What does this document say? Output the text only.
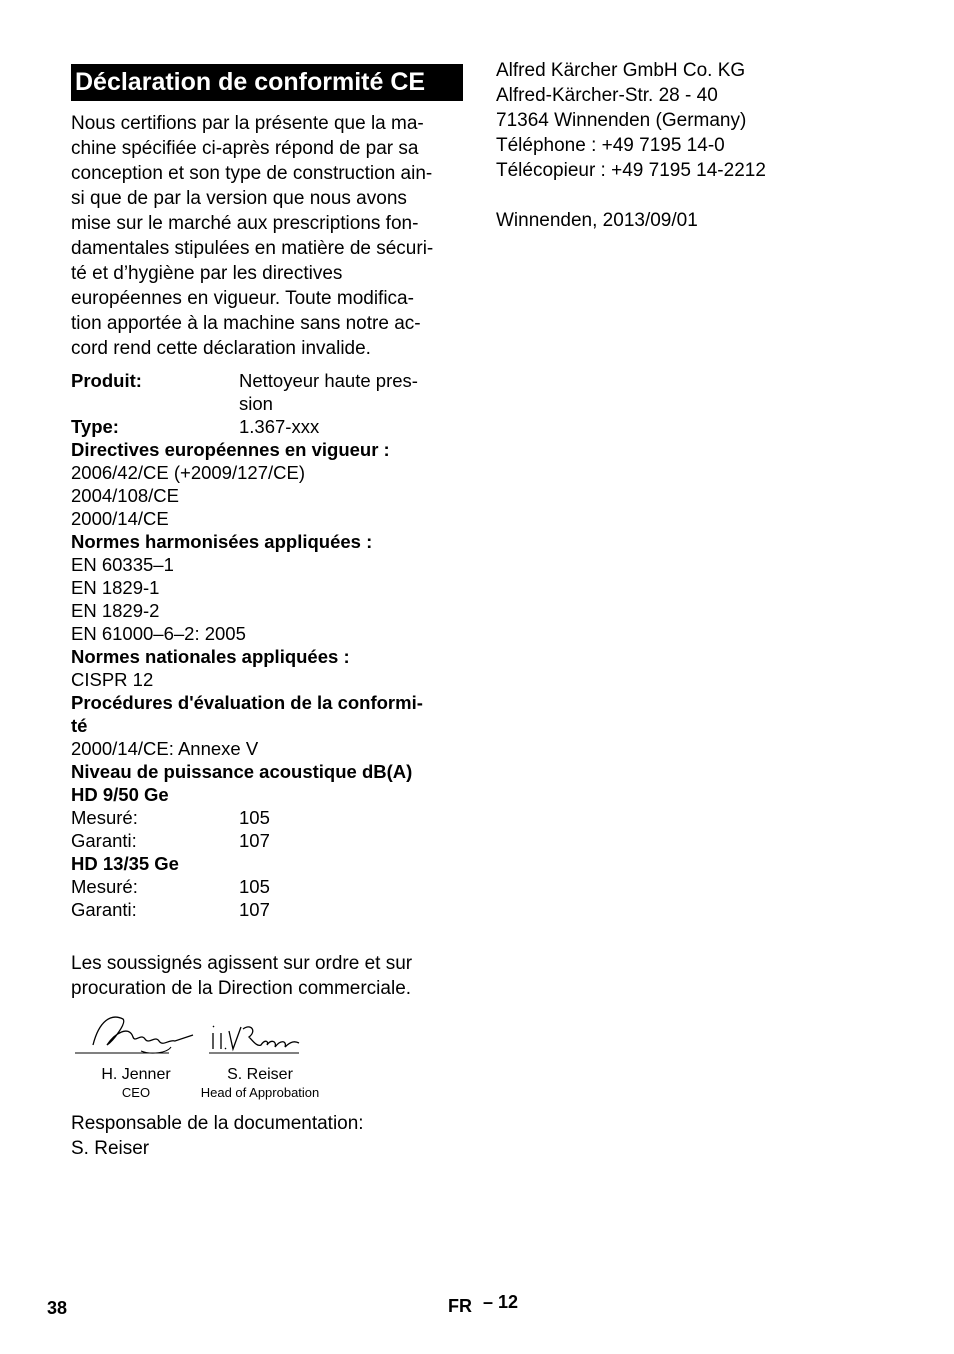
Déclaration de conformité CE

Nous certifions par la présente que la ma-
chine spécifiée ci-après répond de par sa
conception et son type de construction ain-
si que de par la version que nous avons
mise sur le marché aux prescriptions fon-
damentales stipulées en matière de sécuri-
té et d’hygiène par les directives
européennes en vigueur. Toute modifica-
tion apportée à la machine sans notre ac-
cord rend cette déclaration invalide.

Produit:	Nettoyeur haute pres-
sion
Type:	1.367-xxx
Directives européennes en vigueur :
2006/42/CE (+2009/127/CE)
2004/108/CE
2000/14/CE
Normes harmonisées appliquées :
EN 60335–1
EN 1829-1
EN 1829-2
EN 61000–6–2: 2005
Normes nationales appliquées :
CISPR 12
Procédures d'évaluation de la conformi-
té
2000/14/CE: Annexe V
Niveau de puissance acoustique dB(A)
HD 9/50 Ge
Mesuré:	105
Garanti:	107
HD 13/35 Ge
Mesuré:	105
Garanti:	107
Les soussignés agissent sur ordre et sur
procuration de la Direction commerciale.
H. Jenner
CEO
S. Reiser
Head of Approbation
Responsable de la documentation:
S. Reiser
Alfred Kärcher GmbH Co. KG
Alfred-Kärcher-Str. 28 - 40
71364 Winnenden (Germany)
Téléphone : +49 7195 14-0
Télécopieur : +49 7195 14-2212
Winnenden, 2013/09/01
38	FR – 12
